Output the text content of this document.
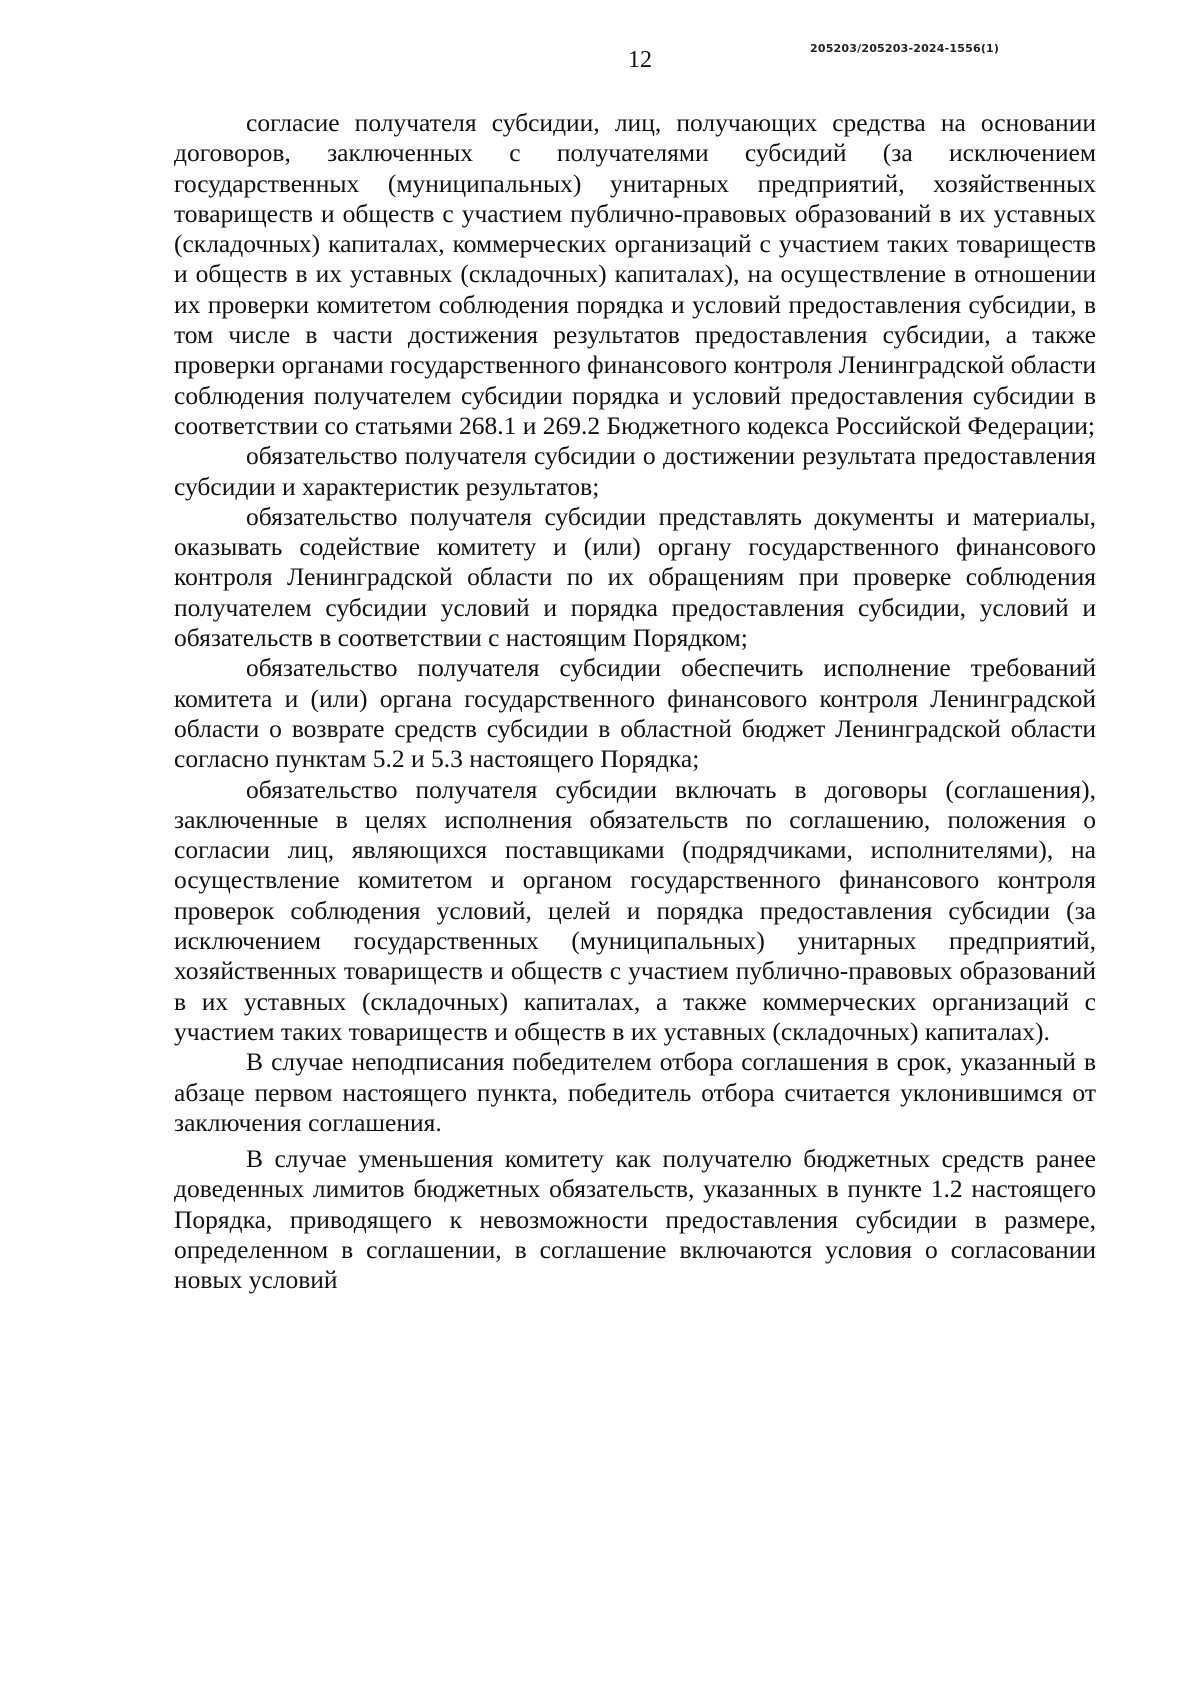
12	205203/205203-2024-1556(1)

согласие получателя субсидии, лиц, получающих средства на основании договоров, заключенных с получателями субсидий (за исключением государственных (муниципальных) унитарных предприятий, хозяйственных товариществ и обществ с участием публично-правовых образований в их уставных (складочных) капиталах, коммерческих организаций с участием таких товариществ и обществ в их уставных (складочных) капиталах), на осуществление в отношении их проверки комитетом соблюдения порядка и условий предоставления субсидии, в том числе в части достижения результатов предоставления субсидии, а также проверки органами государственного финансового контроля Ленинградской области соблюдения получателем субсидии порядка и условий предоставления субсидии в соответствии со статьями 268.1 и 269.2 Бюджетного кодекса Российской Федерации;

обязательство получателя субсидии о достижении результата предоставления субсидии и характеристик результатов;

обязательство получателя субсидии представлять документы и материалы, оказывать содействие комитету и (или) органу государственного финансового контроля Ленинградской области по их обращениям при проверке соблюдения получателем субсидии условий и порядка предоставления субсидии, условий и обязательств в соответствии с настоящим Порядком;

обязательство получателя субсидии обеспечить исполнение требований комитета и (или) органа государственного финансового контроля Ленинградской области о возврате средств субсидии в областной бюджет Ленинградской области согласно пунктам 5.2 и 5.3 настоящего Порядка;

обязательство получателя субсидии включать в договоры (соглашения), заключенные в целях исполнения обязательств по соглашению, положения о согласии лиц, являющихся поставщиками (подрядчиками, исполнителями), на осуществление комитетом и органом государственного финансового контроля проверок соблюдения условий, целей и порядка предоставления субсидии (за исключением государственных (муниципальных) унитарных предприятий, хозяйственных товариществ и обществ с участием публично-правовых образований в их уставных (складочных) капиталах, а также коммерческих организаций с участием таких товариществ и обществ в их уставных (складочных) капиталах).

В случае неподписания победителем отбора соглашения в срок, указанный в абзаце первом настоящего пункта, победитель отбора считается уклонившимся от заключения соглашения.

В случае уменьшения комитету как получателю бюджетных средств ранее доведенных лимитов бюджетных обязательств, указанных в пункте 1.2 настоящего Порядка, приводящего к невозможности предоставления субсидии в размере, определенном в соглашении, в соглашение включаются условия о согласовании новых условий
